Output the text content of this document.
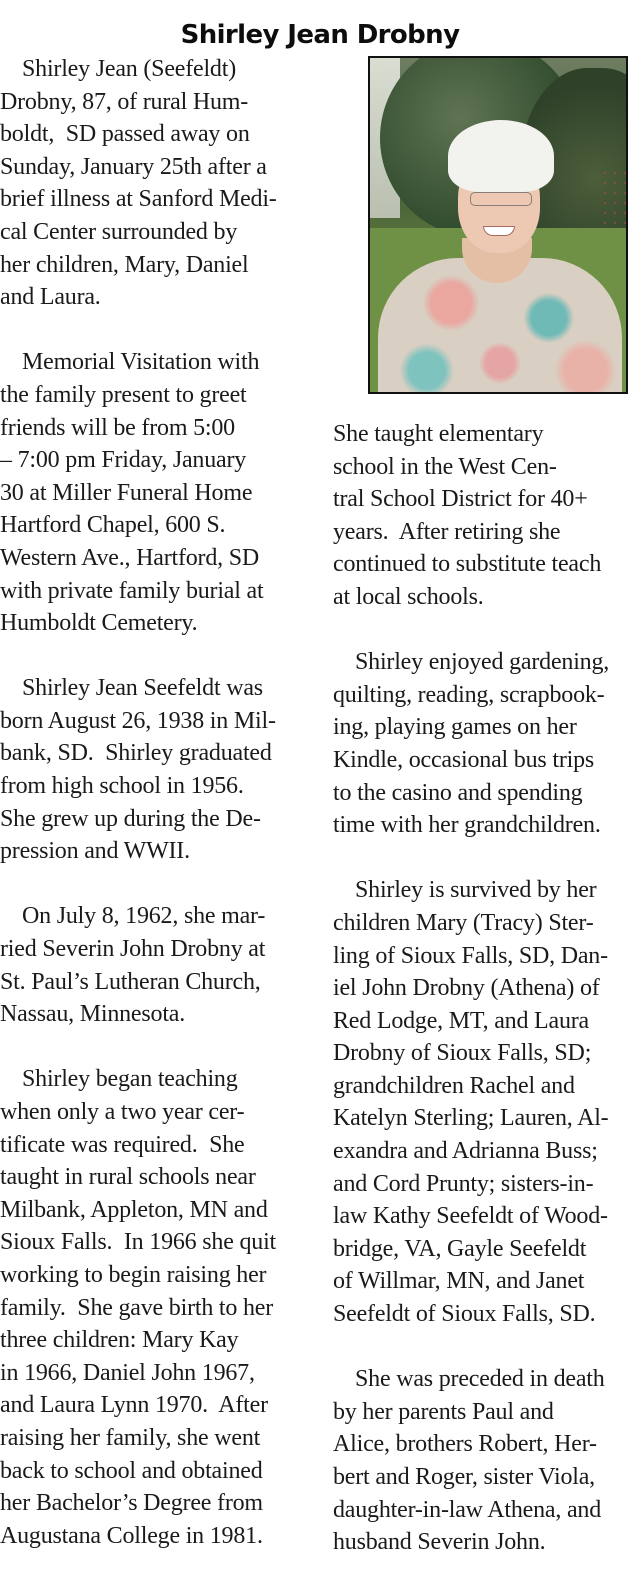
Shirley Jean Drobny
Shirley Jean (Seefeldt)
Drobny, 87, of rural Hum-
boldt,  SD passed away on
Sunday, January 25th after a
brief illness at Sanford Medi-
cal Center surrounded by
her children, Mary, Daniel
and Laura.
Memorial Visitation with
the family present to greet
friends will be from 5:00
– 7:00 pm Friday, January
30 at Miller Funeral Home
Hartford Chapel, 600 S.
Western Ave., Hartford, SD
with private family burial at
Humboldt Cemetery.
Shirley Jean Seefeldt was
born August 26, 1938 in Mil-
bank, SD.  Shirley graduated
from high school in 1956.
She grew up during the De-
pression and WWII.
On July 8, 1962, she mar-
ried Severin John Drobny at
St. Paul’s Lutheran Church,
Nassau, Minnesota.
Shirley began teaching
when only a two year cer-
tificate was required.  She
taught in rural schools near
Milbank, Appleton, MN and
Sioux Falls.  In 1966 she quit
working to begin raising her
family.  She gave birth to her
three children: Mary Kay
in 1966, Daniel John 1967,
and Laura Lynn 1970.  After
raising her family, she went
back to school and obtained
her Bachelor’s Degree from
Augustana College in 1981.
She taught elementary
school in the West Cen-
tral School District for 40+
years.  After retiring she
continued to substitute teach
at local schools.
Shirley enjoyed gardening,
quilting, reading, scrapbook-
ing, playing games on her
Kindle, occasional bus trips
to the casino and spending
time with her grandchildren.
Shirley is survived by her
children Mary (Tracy) Ster-
ling of Sioux Falls, SD, Dan-
iel John Drobny (Athena) of
Red Lodge, MT, and Laura
Drobny of Sioux Falls, SD;
grandchildren Rachel and
Katelyn Sterling; Lauren, Al-
exandra and Adrianna Buss;
and Cord Prunty; sisters-in-
law Kathy Seefeldt of Wood-
bridge, VA, Gayle Seefeldt
of Willmar, MN, and Janet
Seefeldt of Sioux Falls, SD.
She was preceded in death
by her parents Paul and
Alice, brothers Robert, Her-
bert and Roger, sister Viola,
daughter-in-law Athena, and
husband Severin John.
